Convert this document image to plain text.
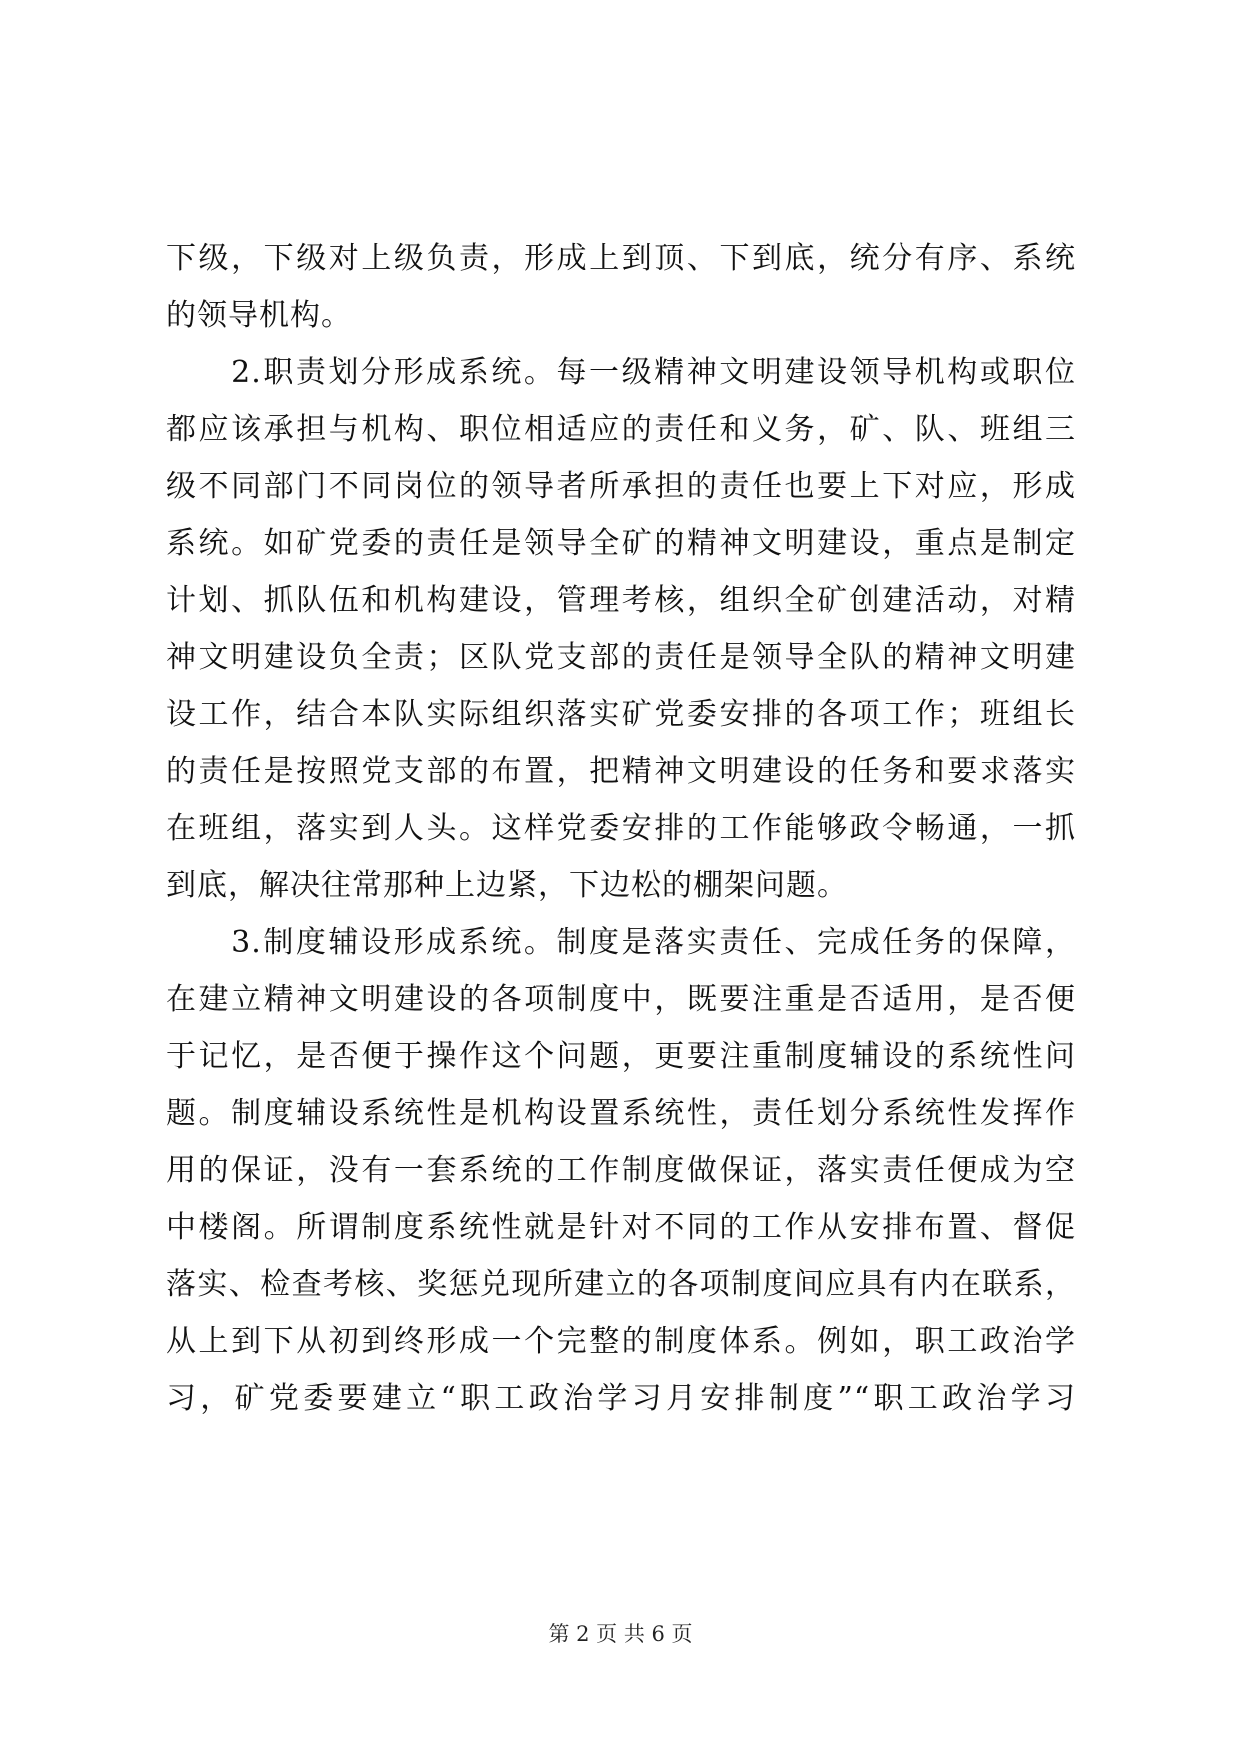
下级，下级对上级负责，形成上到顶、下到底，统分有序、系统
的领导机构。
　　2.职责划分形成系统。每一级精神文明建设领导机构或职位
都应该承担与机构、职位相适应的责任和义务，矿、队、班组三
级不同部门不同岗位的领导者所承担的责任也要上下对应，形成
系统。如矿党委的责任是领导全矿的精神文明建设，重点是制定
计划、抓队伍和机构建设，管理考核，组织全矿创建活动，对精
神文明建设负全责；区队党支部的责任是领导全队的精神文明建
设工作，结合本队实际组织落实矿党委安排的各项工作；班组长
的责任是按照党支部的布置，把精神文明建设的任务和要求落实
在班组，落实到人头。这样党委安排的工作能够政令畅通，一抓
到底，解决往常那种上边紧，下边松的棚架问题。
　　3.制度辅设形成系统。制度是落实责任、完成任务的保障，
在建立精神文明建设的各项制度中，既要注重是否适用，是否便
于记忆，是否便于操作这个问题，更要注重制度辅设的系统性问
题。制度辅设系统性是机构设置系统性，责任划分系统性发挥作
用的保证，没有一套系统的工作制度做保证，落实责任便成为空
中楼阁。所谓制度系统性就是针对不同的工作从安排布置、督促
落实、检查考核、奖惩兑现所建立的各项制度间应具有内在联系，
从上到下从初到终形成一个完整的制度体系。例如，职工政治学
习，矿党委要建立“职工政治学习月安排制度”“职工政治学习
第 2 页 共 6 页
